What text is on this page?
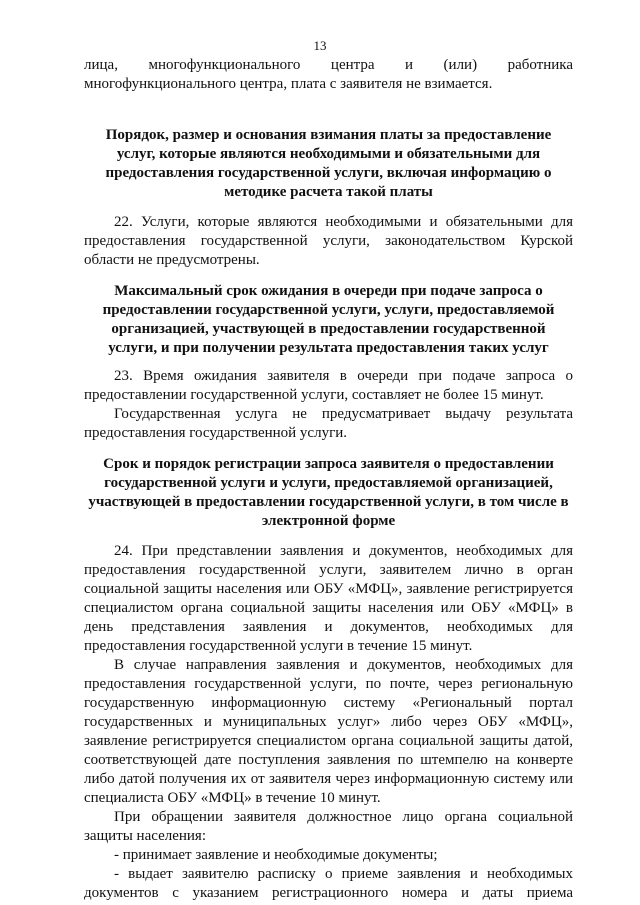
13
лица, многофункционального центра и (или) работника
многофункционального центра, плата с заявителя не взимается.
Порядок, размер и основания взимания платы за предоставление
услуг, которые являются необходимыми и обязательными для
предоставления государственной услуги, включая информацию о
методике расчета такой платы
22. Услуги, которые являются необходимыми и обязательными для
предоставления государственной услуги, законодательством Курской
области не предусмотрены.
Максимальный срок ожидания в очереди при подаче запроса о
предоставлении государственной услуги, услуги, предоставляемой
организацией, участвующей в предоставлении государственной
услуги, и при получении результата предоставления таких услуг
23. Время ожидания заявителя в очереди при подаче запроса о
предоставлении государственной услуги, составляет не более 15 минут.
Государственная услуга не предусматривает выдачу результата
предоставления государственной услуги.
Срок и порядок регистрации запроса заявителя о предоставлении
государственной услуги и услуги, предоставляемой организацией,
участвующей в предоставлении государственной услуги, в том числе в
электронной форме
24. При представлении заявления и документов, необходимых для
предоставления государственной услуги, заявителем лично в орган
социальной защиты населения или ОБУ «МФЦ», заявление регистрируется
специалистом органа социальной защиты населения или ОБУ «МФЦ» в
день представления заявления и документов, необходимых для
предоставления государственной услуги в течение 15 минут.
В случае направления заявления и документов, необходимых для
предоставления государственной услуги, по почте, через региональную
государственную информационную систему «Региональный портал
государственных и муниципальных услуг» либо через ОБУ «МФЦ»,
заявление регистрируется специалистом органа социальной защиты датой,
соответствующей дате поступления заявления по штемпелю на конверте
либо датой получения их от заявителя через информационную систему или
специалиста ОБУ «МФЦ» в течение 10 минут.
При обращении заявителя должностное лицо органа социальной
защиты населения:
- принимает заявление и необходимые документы;
- выдает заявителю расписку о приеме заявления и необходимых
документов с указанием регистрационного номера и даты приема
